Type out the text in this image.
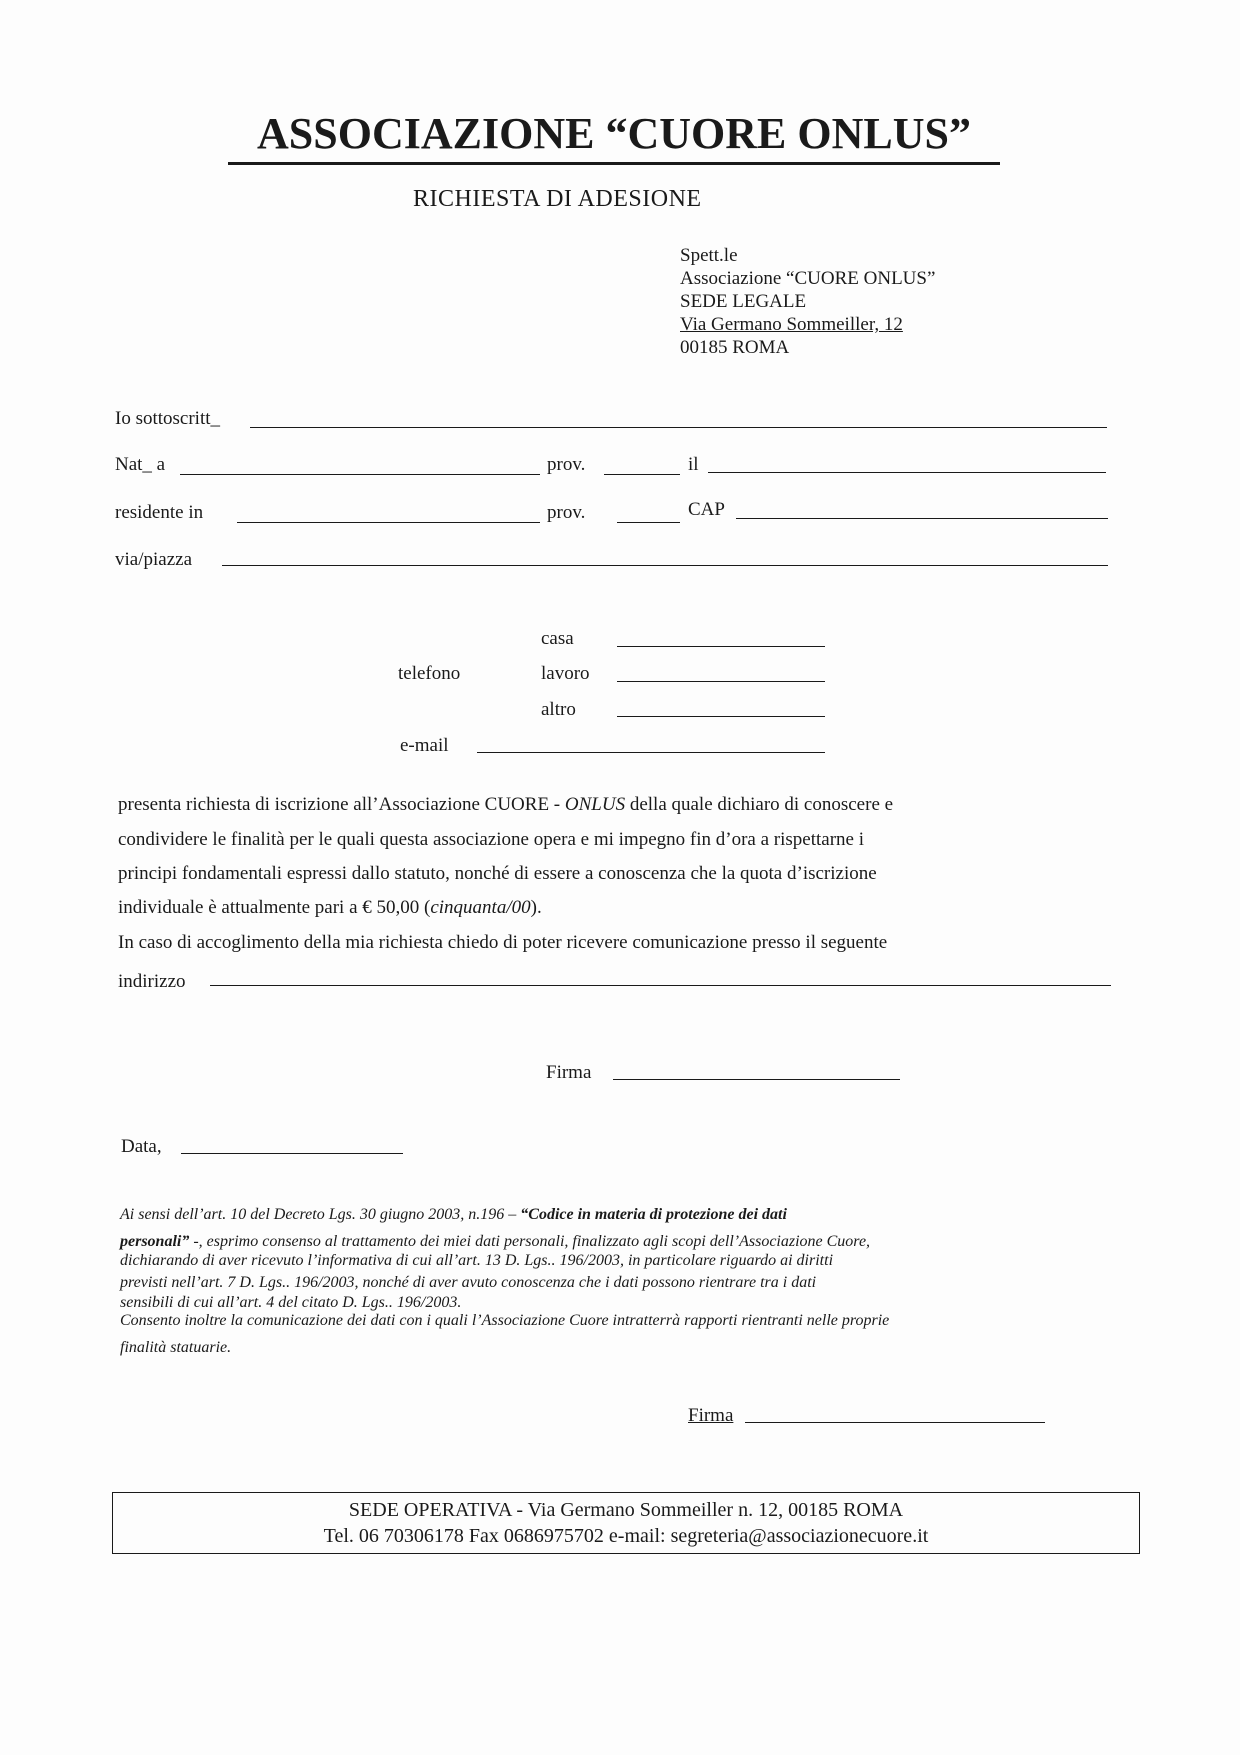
ASSOCIAZIONE “CUORE ONLUS”
RICHIESTA DI ADESIONE
Spett.le
Associazione “CUORE ONLUS”
SEDE LEGALE
Via Germano Sommeiller, 12
00185 ROMA
Io sottoscritt_
Nat_ a	prov.	il
residente in	prov.	CAP
via/piazza
casa
telefono	lavoro
altro
e-mail
presenta richiesta di iscrizione all’Associazione CUORE - ONLUS della quale dichiaro di conoscere e
condividere le finalità per le quali questa associazione opera e mi impegno fin d’ora a rispettarne i
principi fondamentali espressi dallo statuto, nonché di essere a conoscenza che la quota d’iscrizione
individuale è attualmente pari a € 50,00 (cinquanta/00).
In caso di accoglimento della mia richiesta chiedo di poter ricevere comunicazione presso il seguente
indirizzo
Firma
Data,
Ai sensi dell’art. 10 del Decreto Lgs. 30 giugno 2003, n.196 – “Codice in materia di protezione dei dati
personali” -, esprimo consenso al trattamento dei miei dati personali, finalizzato agli scopi dell’Associazione Cuore,
dichiarando di aver ricevuto l’informativa di cui all’art. 13 D. Lgs.. 196/2003, in particolare riguardo ai diritti
previsti nell’art. 7 D. Lgs.. 196/2003, nonché di aver avuto conoscenza che i dati possono rientrare tra i dati
sensibili di cui all’art. 4 del citato D. Lgs.. 196/2003.
Consento inoltre la comunicazione dei dati con i quali l’Associazione Cuore intratterrà rapporti rientranti nelle proprie
finalità statuarie.
Firma
SEDE OPERATIVA - Via Germano Sommeiller n. 12, 00185 ROMA
Tel. 06 70306178 Fax 0686975702 e-mail: segreteria@associazionecuore.it
